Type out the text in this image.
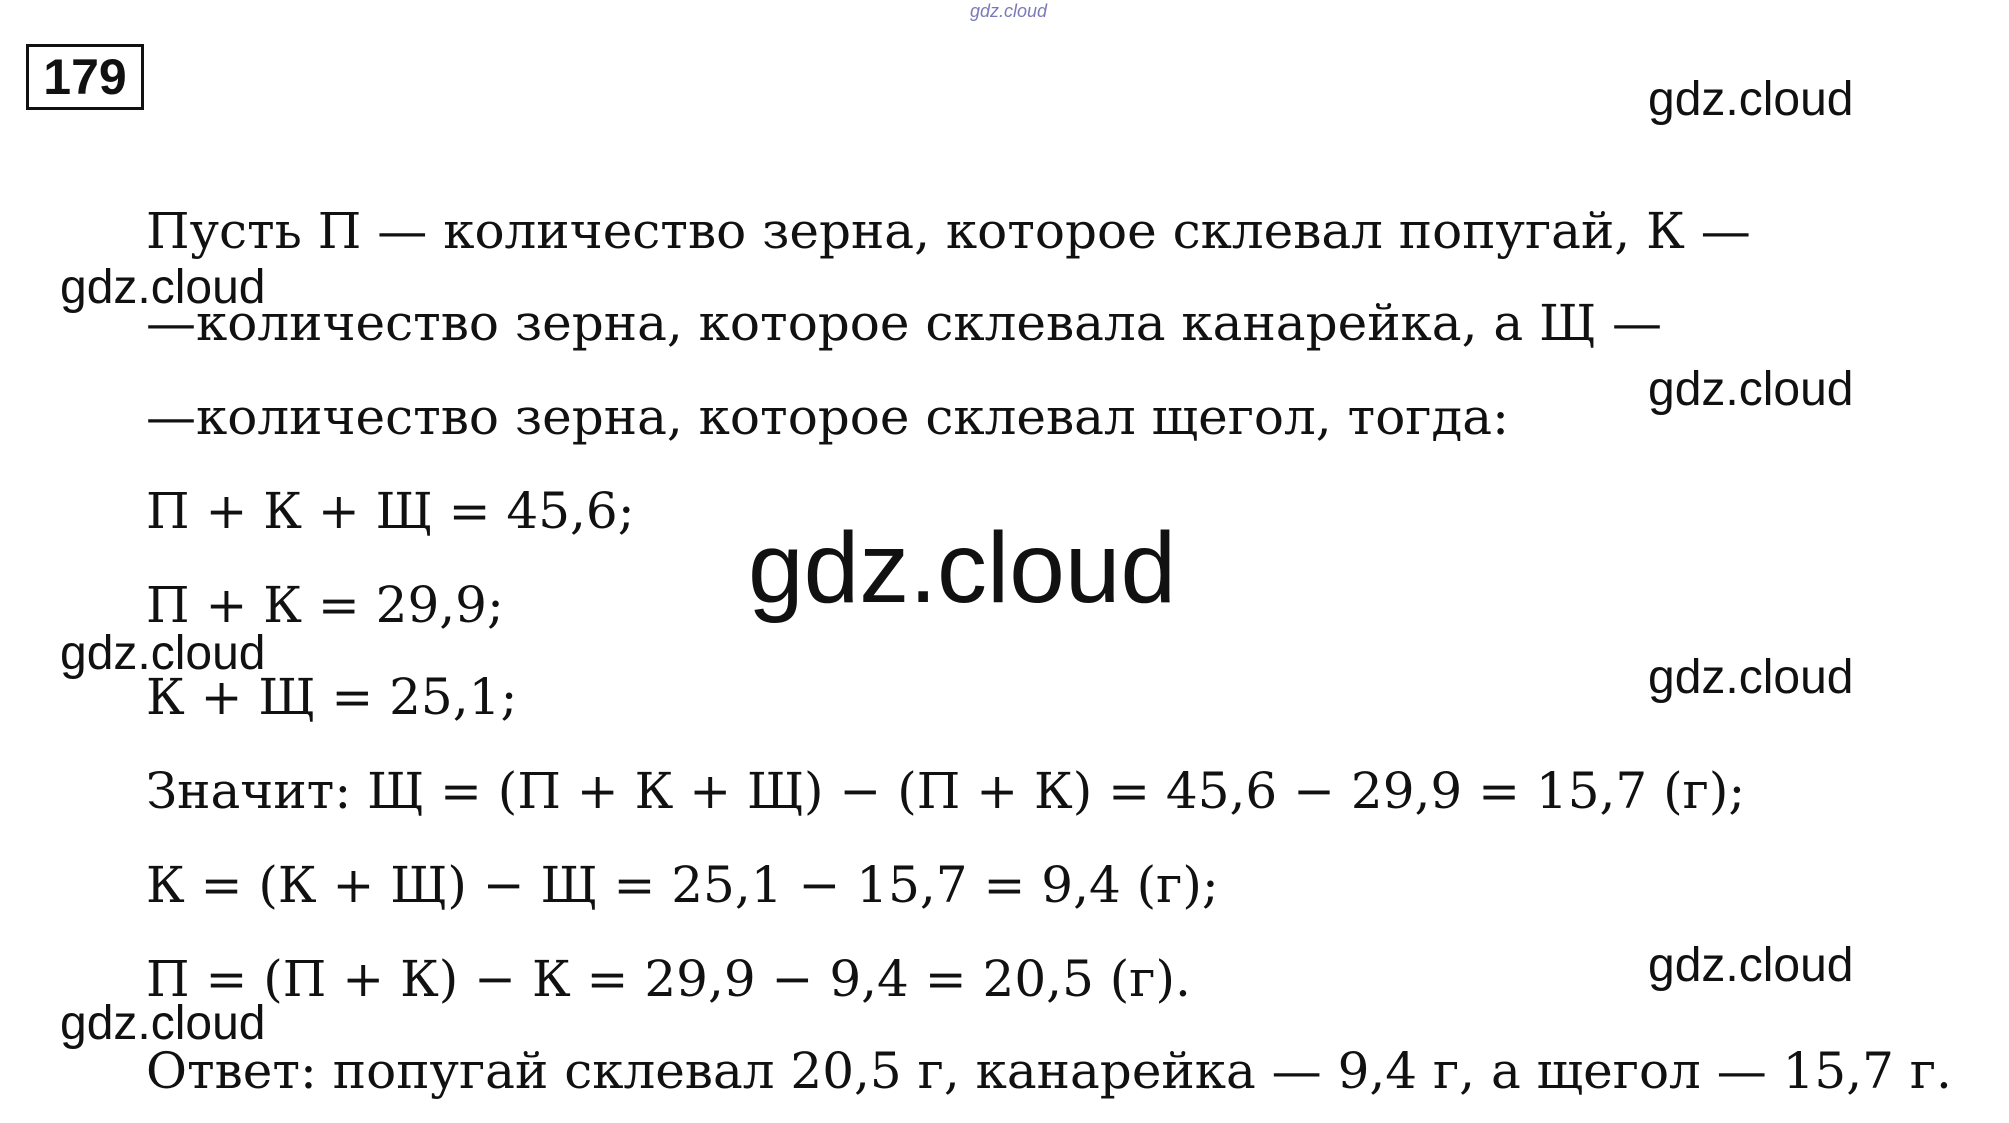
179
gdz.cloud
gdz.cloud
gdz.cloud
gdz.cloud
gdz.cloud
gdz.cloud	gdz.cloud
gdz.cloud
gdz.cloud
Пусть П — количество зерна, которое склевал попугай, К —
—количество зерна, которое склевала канарейка, а Щ —
—количество зерна, которое склевал щегол, тогда:
П + К + Щ = 45,6;
П + К = 29,9;
К + Щ = 25,1;
Значит: Щ = (П + К + Щ) − (П + К) = 45,6 − 29,9 = 15,7 (г);
К = (К + Щ) − Щ = 25,1 − 15,7 = 9,4 (г);
П = (П + К) − К = 29,9 − 9,4 = 20,5 (г).
Ответ: попугай склевал 20,5 г, канарейка — 9,4 г, а щегол — 15,7 г.
